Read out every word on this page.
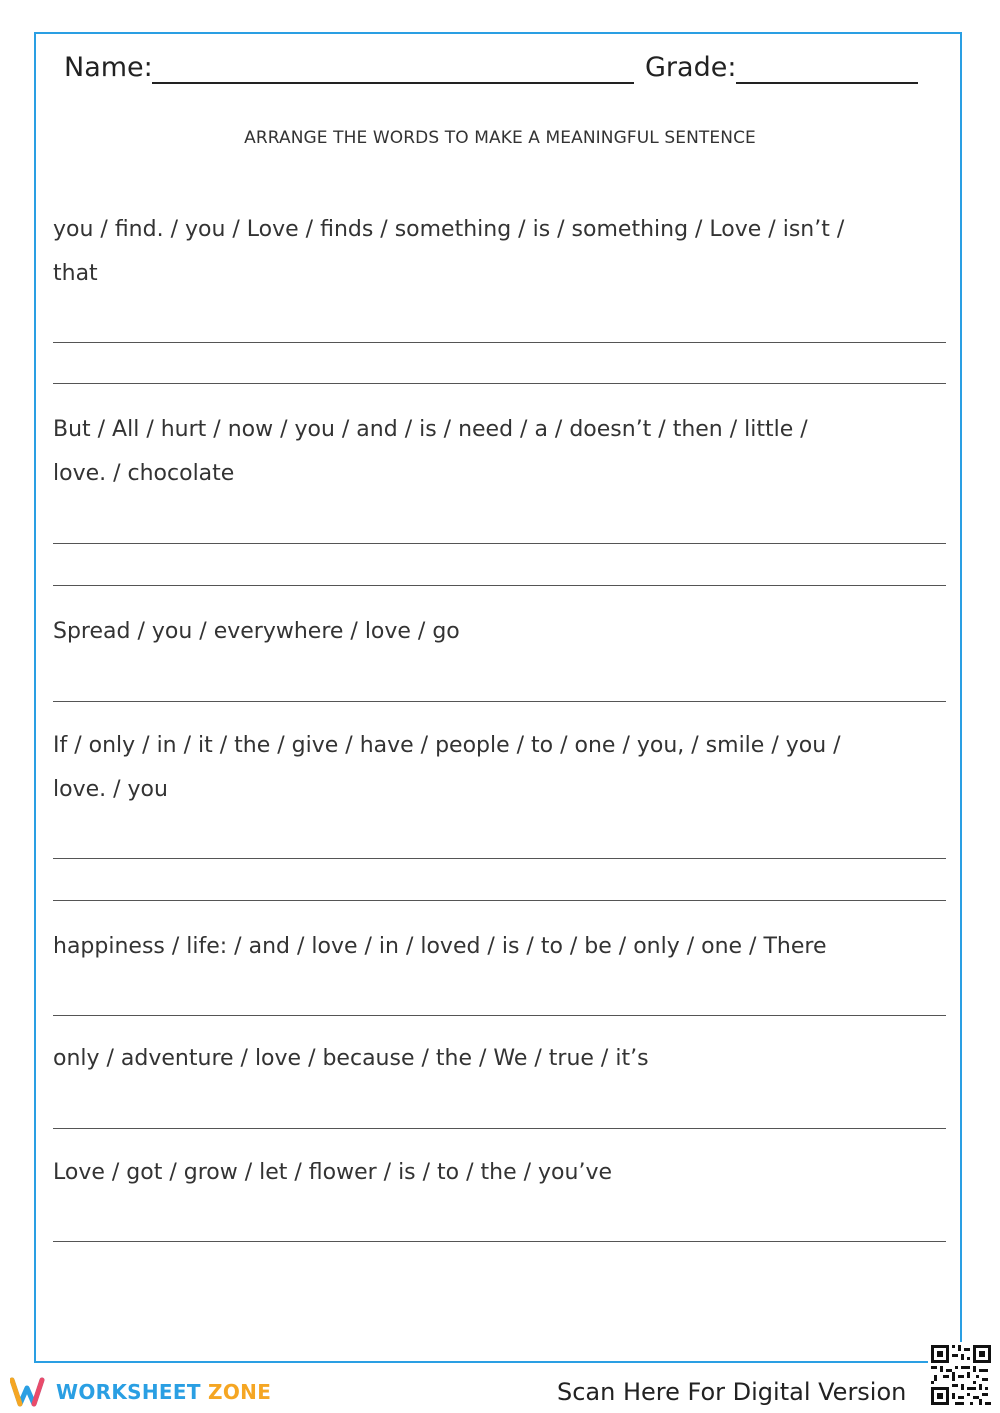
Name:	Grade:
ARRANGE THE WORDS TO MAKE A MEANINGFUL SENTENCE
you / find. / you / Love / finds / something / is / something / Love / isn’t /
that
But / All / hurt / now / you / and / is / need / a / doesn’t / then / little /
love. / chocolate
Spread / you / everywhere / love / go
If / only / in / it / the / give / have / people / to / one / you, / smile / you /
love. / you
happiness / life: / and / love / in / loved / is / to / be / only / one / There
only / adventure / love / because / the / We / true / it’s
Love / got / grow / let / flower / is / to / the / you’ve
WORKSHEET ZONE	Scan Here For Digital Version
